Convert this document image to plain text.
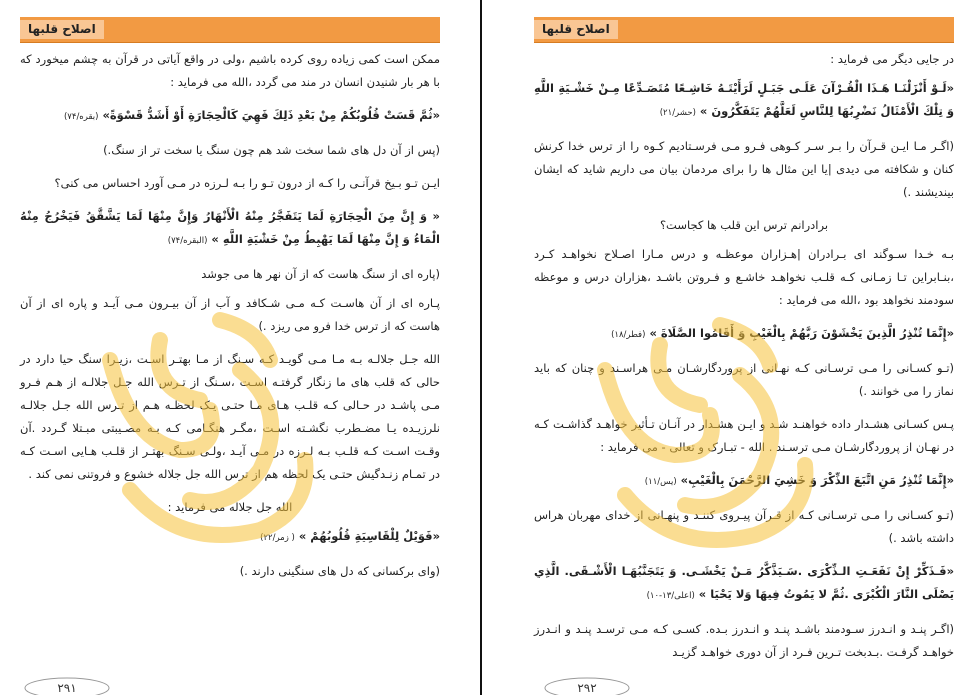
اصلاح قلبها

ممکن است کمی زیاده روی کرده باشیم ،ولی در واقع آیاتی در قرآن به چشم میخورد که با هر بار شنیدن انسان در مند می گردد ،الله می فرماید :

«ثُمَّ قَسَتْ قُلُوبُكُمْ مِنْ بَعْدِ ذَلِكَ فَهِيَ كَالْحِجَارَةِ أَوْ أَشَدُّ قَسْوَةً» (بقره/۷۴)

(پس از آن دل های شما سخت شد هم چون سنگ یا سخت تر از سنگ.)

ایـن تـو بـیخ قرآنـی را کـه از درون تـو را بـه لـرزه در مـی آورد احساس می کنی؟

« وَ إِنَّ مِنَ الْحِجَارَةِ لَمَا يَتَفَجَّرُ مِنْهُ الْأَنْهَارُ وَإِنَّ مِنْهَا لَمَا يَشَّقَّقُ فَيَخْرُجُ مِنْهُ الْمَاءُ وَ إِنَّ مِنْهَا لَمَا يَهْبِطُ مِنْ خَشْيَةِ اللَّهِ » (البقره/۷۴)

(پاره ای از سنگ هاست که از آن نهر ها می جوشد

پـاره ای از آن هاسـت کـه مـی شـکافد و آب از آن بیـرون مـی آیـد و پاره ای از آن هاست که از ترس خدا فرو می ریزد .)

الله جـل جلالـه بـه مـا مـی گویـد کـه سـنگ از مـا بهتـر اسـت ،زیـرا سنگ حیا دارد در حالی که قلب های ما زنگار گرفتـه اسـت ،سـنگ از تـرس الله جـل جلالـه از هـم فـرو مـی پاشـد در حـالی کـه قلـب هـای مـا حتـی یـک لحظـه هـم از تـرس الله جـل جلالـه نلرزیـده یـا مضـطرب نگشـته اسـت ،مگـر هنگـامی کـه بـه مصـیبتی مبـتلا گـردد .آن وقـت اسـت کـه قلـب بـه لـرزه در مـی آیـد ،ولـی سـنگ بهتـر از قلـب هـایی اسـت کـه در تمـام زنـدگیش حتـی یک لحظه هم از ترس الله جل جلاله خشوع و فروتنی نمی کند .

الله جل جلاله می فرماید :

«فَوَيْلٌ لِلْقَاسِيَةِ قُلُوبُهُمْ » ( زمر/۲۲)

(وای برکسانی که دل های سنگینی دارند .)

۲۹۱
اصلاح قلبها

در جایی دیگر می فرماید :

«لَـوْ أَنْزَلْنَـا هَـذَا الْقُـرْآنَ عَلَـى جَبَـلٍ لَرَأَيْتَـهُ خَاشِـعًا مُتَصَـدِّعًا مِـنْ خَشْـيَةِ اللَّهِ وَ تِلْكَ الْأَمْثَالُ نَضْرِبُهَا لِلنَّاسِ لَعَلَّهُمْ يَتَفَكَّرُونَ » (حشر/۲۱)

(اگـر مـا ایـن قـرآن را بـر سـر کـوهی فـرو مـی فرسـتادیم کـوه را از ترس خدا کرنش کنان و شکافته می دیدی |یا این مثال ها را برای مردمان بیان می داریم شاید که ایشان بیندیشند .)

برادرانم ترس این قلب ها کجاست؟

بـه خـدا سـوگند ای بـرادران |هـزاران موعظـه و درس مـارا اصـلاح نخواهـد کـرد ،بنـابراین تـا زمـانی کـه قلـب نخواهـد خاشـع و فـروتن باشـد ،هزاران درس و موعظه سودمند نخواهد بود ،الله می فرماید :

«إِنَّمَا تُنْذِرُ الَّذِينَ يَخْشَوْنَ رَبَّهُمْ بِالْغَيْبِ وَ أَقَامُوا الصَّلَاةَ » (فطر/۱۸)

(تـو کسـانی را مـی ترسـانی کـه نهـانی از پروردگارشـان مـی هراسـند و چنان که باید نماز را می خوانند .)

پـس کسـانی هشـدار داده خواهنـد شـد و ایـن هشـدار در آنـان تـأثیر خواهـد گذاشـت کـه در نهـان از پروردگارشـان مـی ترسـند . الله - تبـارک و تعالی - می فرماید :

«إِنَّمَا تُنْذِرُ مَنِ اتَّبَعَ الذِّكْرَ وَ خَشِيَ الرَّحْمَنَ بِالْغَيْبِ» (یس/۱۱)

(تـو کسـانی را مـی ترسـانی کـه از قـرآن پیـروی کننـد و پنهـانی از خدای مهربان هراس داشته باشد .)

«فَـذَكِّرْ إِنْ نَفَعَـتِ الـذِّكْرَى .سَـيَذَّكَّرُ مَـنْ يَخْشَـى. وَ يَتَجَنَّبُهَـا الْأَشْـقَى. الَّذِي يَصْلَى النَّارَ الْكُبْرَى .ثُمَّ لا يَمُوتُ فِيهَا وَلا يَحْيَا » (اعلی/۱۳-۱۰)

(اگـر پنـد و انـدرز سـودمند باشـد پنـد و انـدرز بـده. کسـی کـه مـی ترسـد پنـد و انـدرز خواهـد گرفـت .بـدبخت تـرین فـرد از آن دوری خواهـد گزیـد

۲۹۲
